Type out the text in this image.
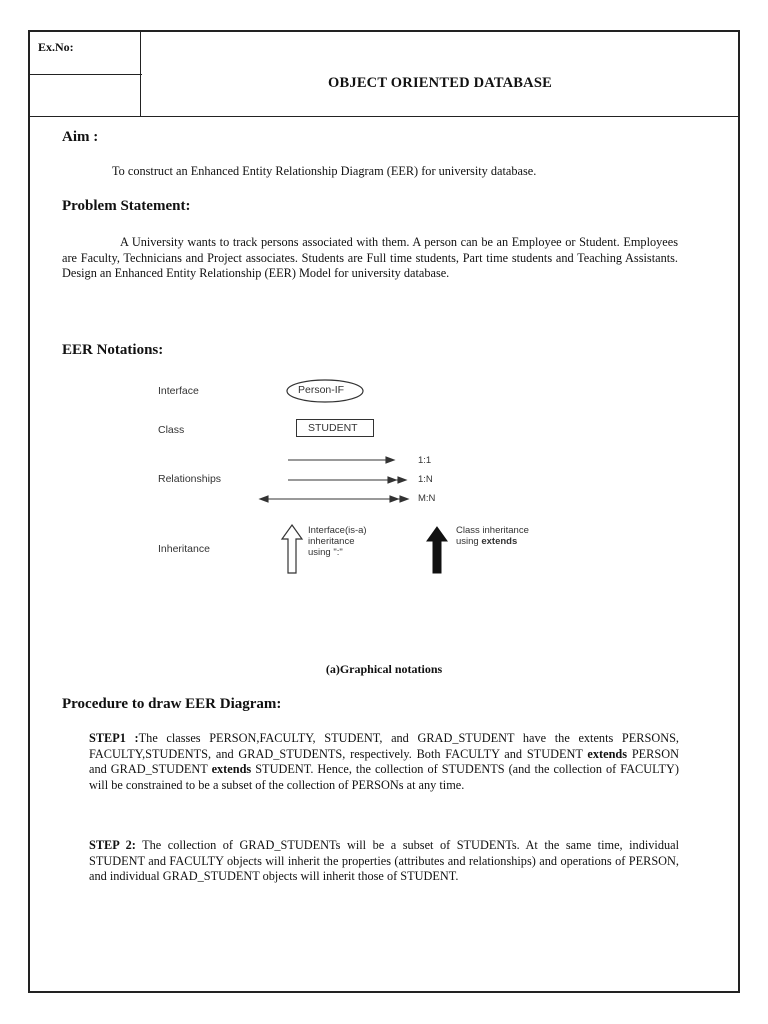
Ex.No:
OBJECT ORIENTED DATABASE
Aim :
To construct an Enhanced Entity Relationship Diagram (EER) for university database.
Problem Statement:
A University wants to track persons associated with them. A person can be an Employee or Student. Employees are Faculty, Technicians and Project associates. Students are Full time students, Part time students and Teaching Assistants. Design an Enhanced Entity Relationship (EER) Model for university database.
EER Notations:
Interface
Class
Relationships
Inheritance
Person-IF
STUDENT
1:1
1:N
M:N
Interface(is-a)
inheritance
using ":"
Class inheritance
using extends
(a)Graphical notations
Procedure to draw EER Diagram:
STEP1 :The classes PERSON,FACULTY, STUDENT, and GRAD_STUDENT have the extents PERSONS, FACULTY,STUDENTS, and GRAD_STUDENTS, respectively. Both FACULTY and STUDENT extends PERSON and GRAD_STUDENT extends STUDENT. Hence, the collection of STUDENTS (and the collection of FACULTY) will be constrained to be a subset of the collection of PERSONs at any time.
STEP 2: The collection of GRAD_STUDENTs will be a subset of STUDENTs. At the same time, individual STUDENT and FACULTY objects will inherit the properties (attributes and relationships) and operations of PERSON, and individual GRAD_STUDENT objects will inherit those of STUDENT.
